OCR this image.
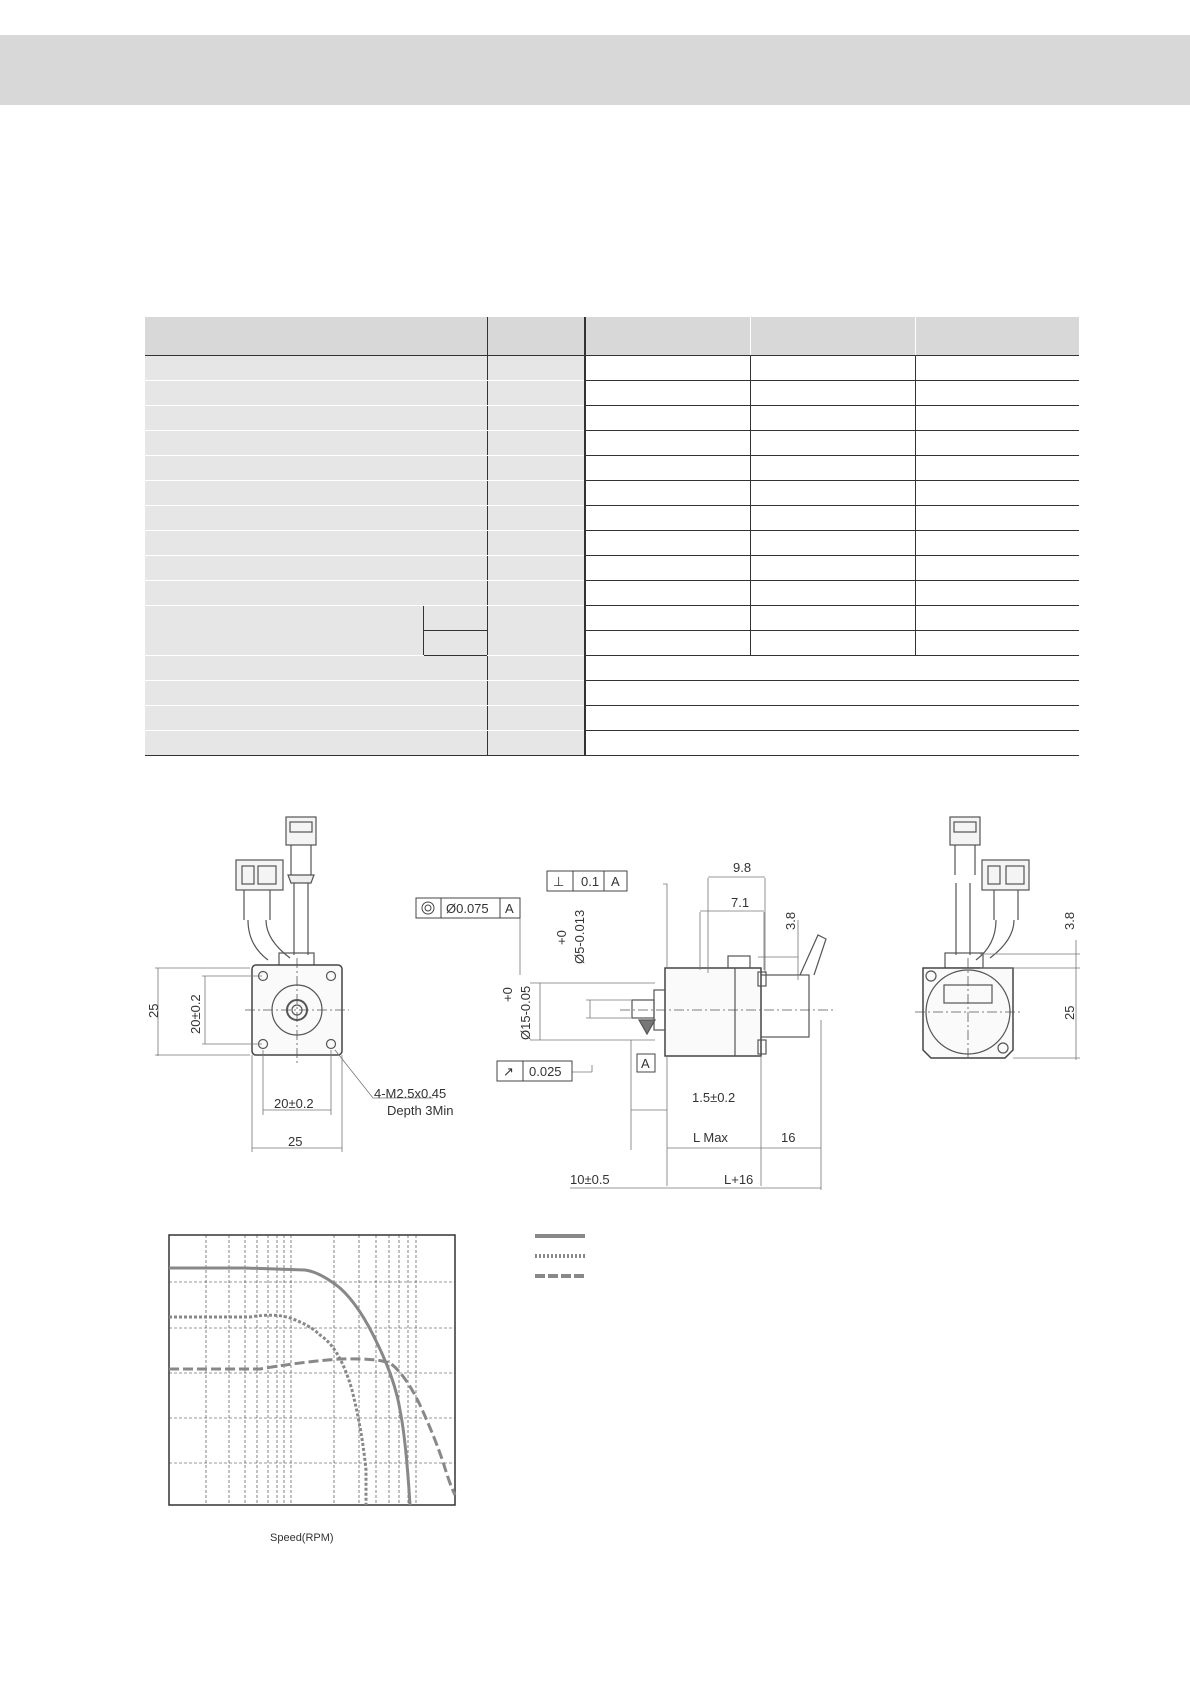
25 20±0.2
20±0.2
25
4-M2.5x0.45
Depth 3Min
⊥ 0.1 A
Ø0.075 A
+0 Ø5-0.013
+0 Ø15-0.05
↗ 0.025
A
9.8
7.1
3.8
1.5±0.2
L Max	16
10±0.5	L+16
3.8
25
Speed(RPM)
